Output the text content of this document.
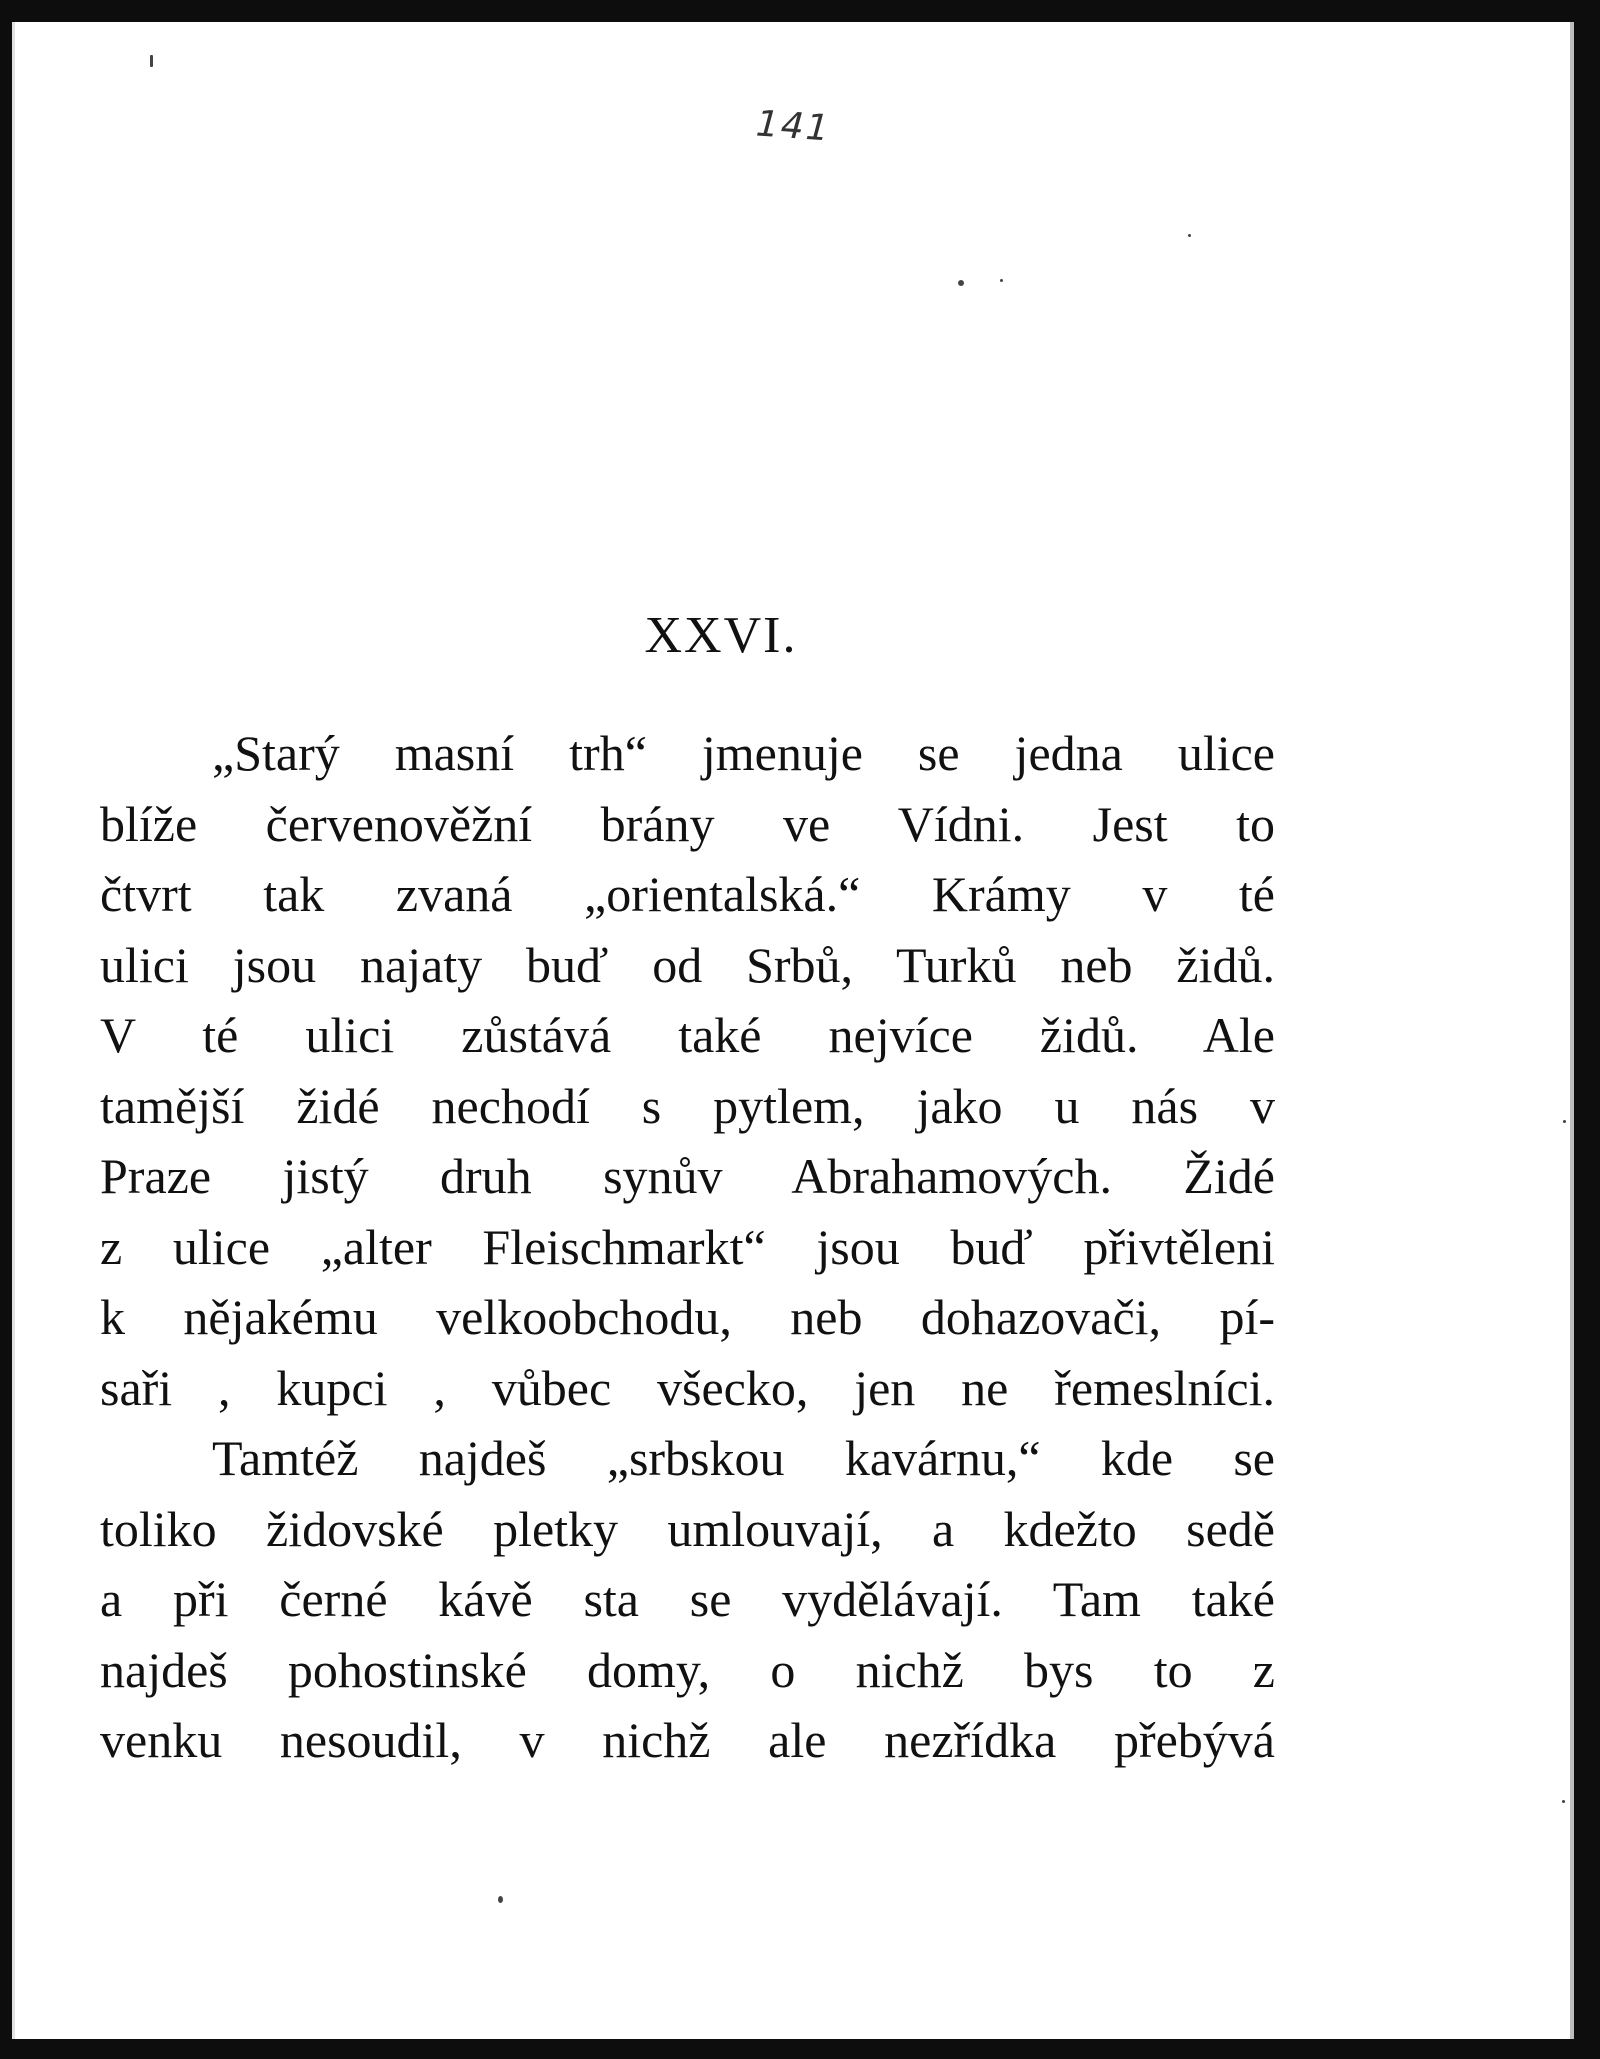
141
XXVI.
„Starý masní trh“ jmenuje se jedna ulice
blíže červenověžní brány ve Vídni. Jest to
čtvrt tak zvaná „orientalská.“ Krámy v té
ulici jsou najaty buď od Srbů, Turků neb židů.
V té ulici zůstává také nejvíce židů. Ale
tamější židé nechodí s pytlem, jako u nás v
Praze jistý druh synův Abrahamových. Židé
z ulice „alter Fleischmarkt“ jsou buď přivtěleni
k nějakému velkoobchodu, neb dohazovači, pí-
saři , kupci , vůbec všecko, jen ne řemeslníci.
Tamtéž najdeš „srbskou kavárnu,“ kde se
toliko židovské pletky umlouvají, a kdežto sedě
a při černé kávě sta se vydělávají. Tam také
najdeš pohostinské domy, o nichž bys to z
venku nesoudil, v nichž ale nezřídka přebývá
